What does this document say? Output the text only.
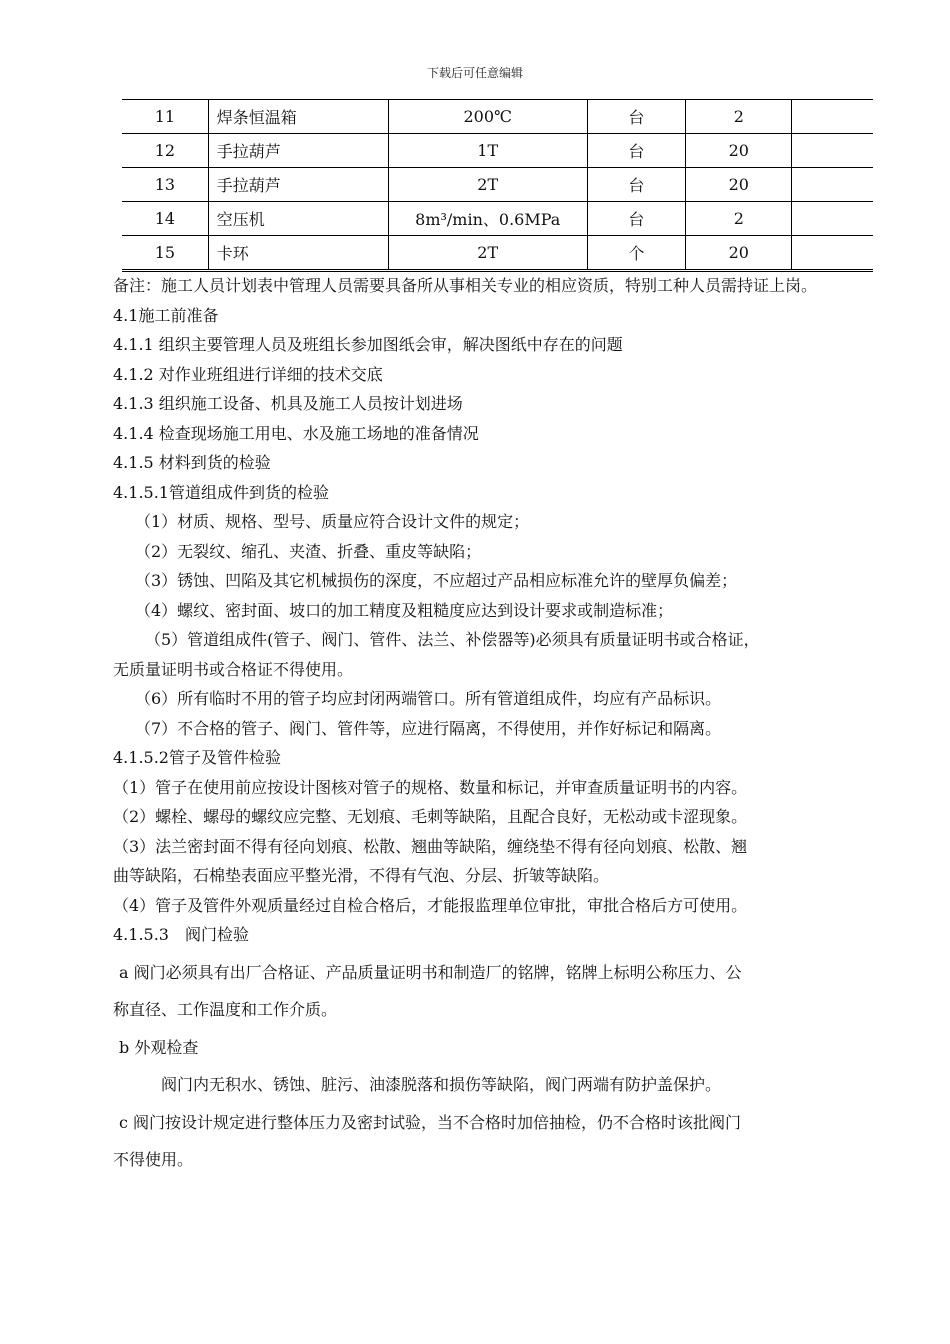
下载后可任意编辑
11	焊条恒温箱	200℃	台	2	
12	手拉葫芦	1T	台	20	
13	手拉葫芦	2T	台	20	
14	空压机	8m³/min、0.6MPa	台	2	
15	卡环	2T	个	20	

备注：施工人员计划表中管理人员需要具备所从事相关专业的相应资质，特别工种人员需持证上岗。

4.1施工前准备

4.1.1 组织主要管理人员及班组长参加图纸会审，解决图纸中存在的问题

4.1.2 对作业班组进行详细的技术交底

4.1.3 组织施工设备、机具及施工人员按计划进场

4.1.4 检查现场施工用电、水及施工场地的准备情况

4.1.5 材料到货的检验

4.1.5.1管道组成件到货的检验

（1）材质、规格、型号、质量应符合设计文件的规定；

（2）无裂纹、缩孔、夹渣、折叠、重皮等缺陷；

（3）锈蚀、凹陷及其它机械损伤的深度，不应超过产品相应标准允许的壁厚负偏差；

（4）螺纹、密封面、坡口的加工精度及粗糙度应达到设计要求或制造标准；

（5）管道组成件(管子、阀门、管件、法兰、补偿器等)必须具有质量证明书或合格证，

无质量证明书或合格证不得使用。

（6）所有临时不用的管子均应封闭两端管口。所有管道组成件，均应有产品标识。

（7）不合格的管子、阀门、管件等，应进行隔离，不得使用，并作好标记和隔离。

4.1.5.2管子及管件检验

（1）管子在使用前应按设计图核对管子的规格、数量和标记，并审查质量证明书的内容。

（2）螺栓、螺母的螺纹应完整、无划痕、毛刺等缺陷，且配合良好，无松动或卡涩现象。

（3）法兰密封面不得有径向划痕、松散、翘曲等缺陷，缠绕垫不得有径向划痕、松散、翘

曲等缺陷，石棉垫表面应平整光滑，不得有气泡、分层、折皱等缺陷。

（4）管子及管件外观质量经过自检合格后，才能报监理单位审批，审批合格后方可使用。

4.1.5.3　阀门检验

a 阀门必须具有出厂合格证、产品质量证明书和制造厂的铭牌，铭牌上标明公称压力、公

称直径、工作温度和工作介质。

b 外观检查

阀门内无积水、锈蚀、脏污、油漆脱落和损伤等缺陷，阀门两端有防护盖保护。

c 阀门按设计规定进行整体压力及密封试验，当不合格时加倍抽检，仍不合格时该批阀门

不得使用。
